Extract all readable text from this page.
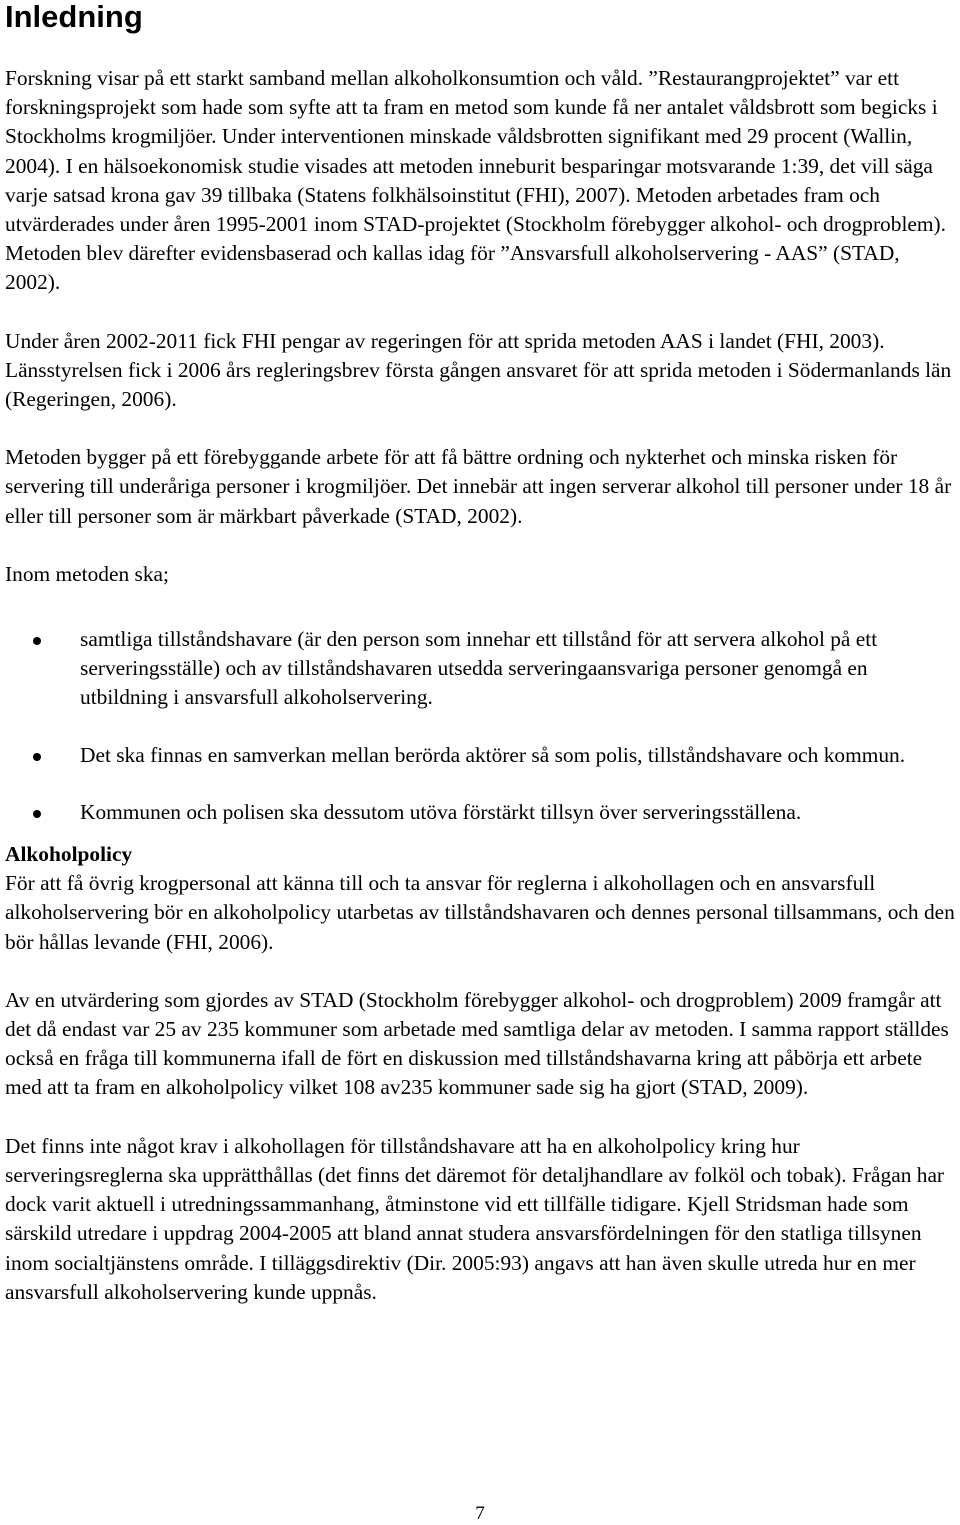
Inledning

Forskning visar på ett starkt samband mellan alkoholkonsumtion och våld. ”Restaurangprojektet” var ett forskningsprojekt som hade som syfte att ta fram en metod som kunde få ner antalet våldsbrott som begicks i Stockholms krogmiljöer. Under interventionen minskade våldsbrotten signifikant med 29 procent (Wallin, 2004). I en hälsoekonomisk studie visades att metoden inneburit besparingar motsvarande 1:39, det vill säga varje satsad krona gav 39 tillbaka (Statens folkhälsoinstitut (FHI), 2007). Metoden arbetades fram och utvärderades under åren 1995-2001 inom STAD-projektet (Stockholm förebygger alkohol- och drogproblem). Metoden blev därefter evidensbaserad och kallas idag för ”Ansvarsfull alkoholservering - AAS” (STAD, 2002).

Under åren 2002-2011 fick FHI pengar av regeringen för att sprida metoden AAS i landet (FHI, 2003). Länsstyrelsen fick i 2006 års regleringsbrev första gången ansvaret för att sprida metoden i Södermanlands län (Regeringen, 2006).

Metoden bygger på ett förebyggande arbete för att få bättre ordning och nykterhet och minska risken för servering till underåriga personer i krogmiljöer. Det innebär att ingen serverar alkohol till personer under 18 år eller till personer som är märkbart påverkade (STAD, 2002).

Inom metoden ska;

samtliga tillståndshavare (är den person som innehar ett tillstånd för att servera alkohol på ett serveringsställe) och av tillståndshavaren utsedda serveringaansvariga personer genomgå en utbildning i ansvarsfull alkoholservering.
Det ska finnas en samverkan mellan berörda aktörer så som polis, tillståndshavare och kommun.
Kommunen och polisen ska dessutom utöva förstärkt tillsyn över serveringsställena.
Alkoholpolicy

För att få övrig krogpersonal att känna till och ta ansvar för reglerna i alkohollagen och en ansvarsfull alkoholservering bör en alkoholpolicy utarbetas av tillståndshavaren och dennes personal tillsammans, och den bör hållas levande (FHI, 2006).

Av en utvärdering som gjordes av STAD (Stockholm förebygger alkohol- och drogproblem) 2009 framgår att det då endast var 25 av 235 kommuner som arbetade med samtliga delar av metoden. I samma rapport ställdes också en fråga till kommunerna ifall de fört en diskussion med tillståndshavarna kring att påbörja ett arbete med att ta fram en alkoholpolicy vilket 108 av235 kommuner sade sig ha gjort (STAD, 2009).

Det finns inte något krav i alkohollagen för tillståndshavare att ha en alkoholpolicy kring hur serveringsreglerna ska upprätthållas (det finns det däremot för detaljhandlare av folköl och tobak). Frågan har dock varit aktuell i utredningssammanhang, åtminstone vid ett tillfälle tidigare. Kjell Stridsman hade som särskild utredare i uppdrag 2004-2005 att bland annat studera ansvarsfördelningen för den statliga tillsynen inom socialtjänstens område. I tilläggsdirektiv (Dir. 2005:93) angavs att han även skulle utreda hur en mer ansvarsfull alkoholservering kunde uppnås.

7
